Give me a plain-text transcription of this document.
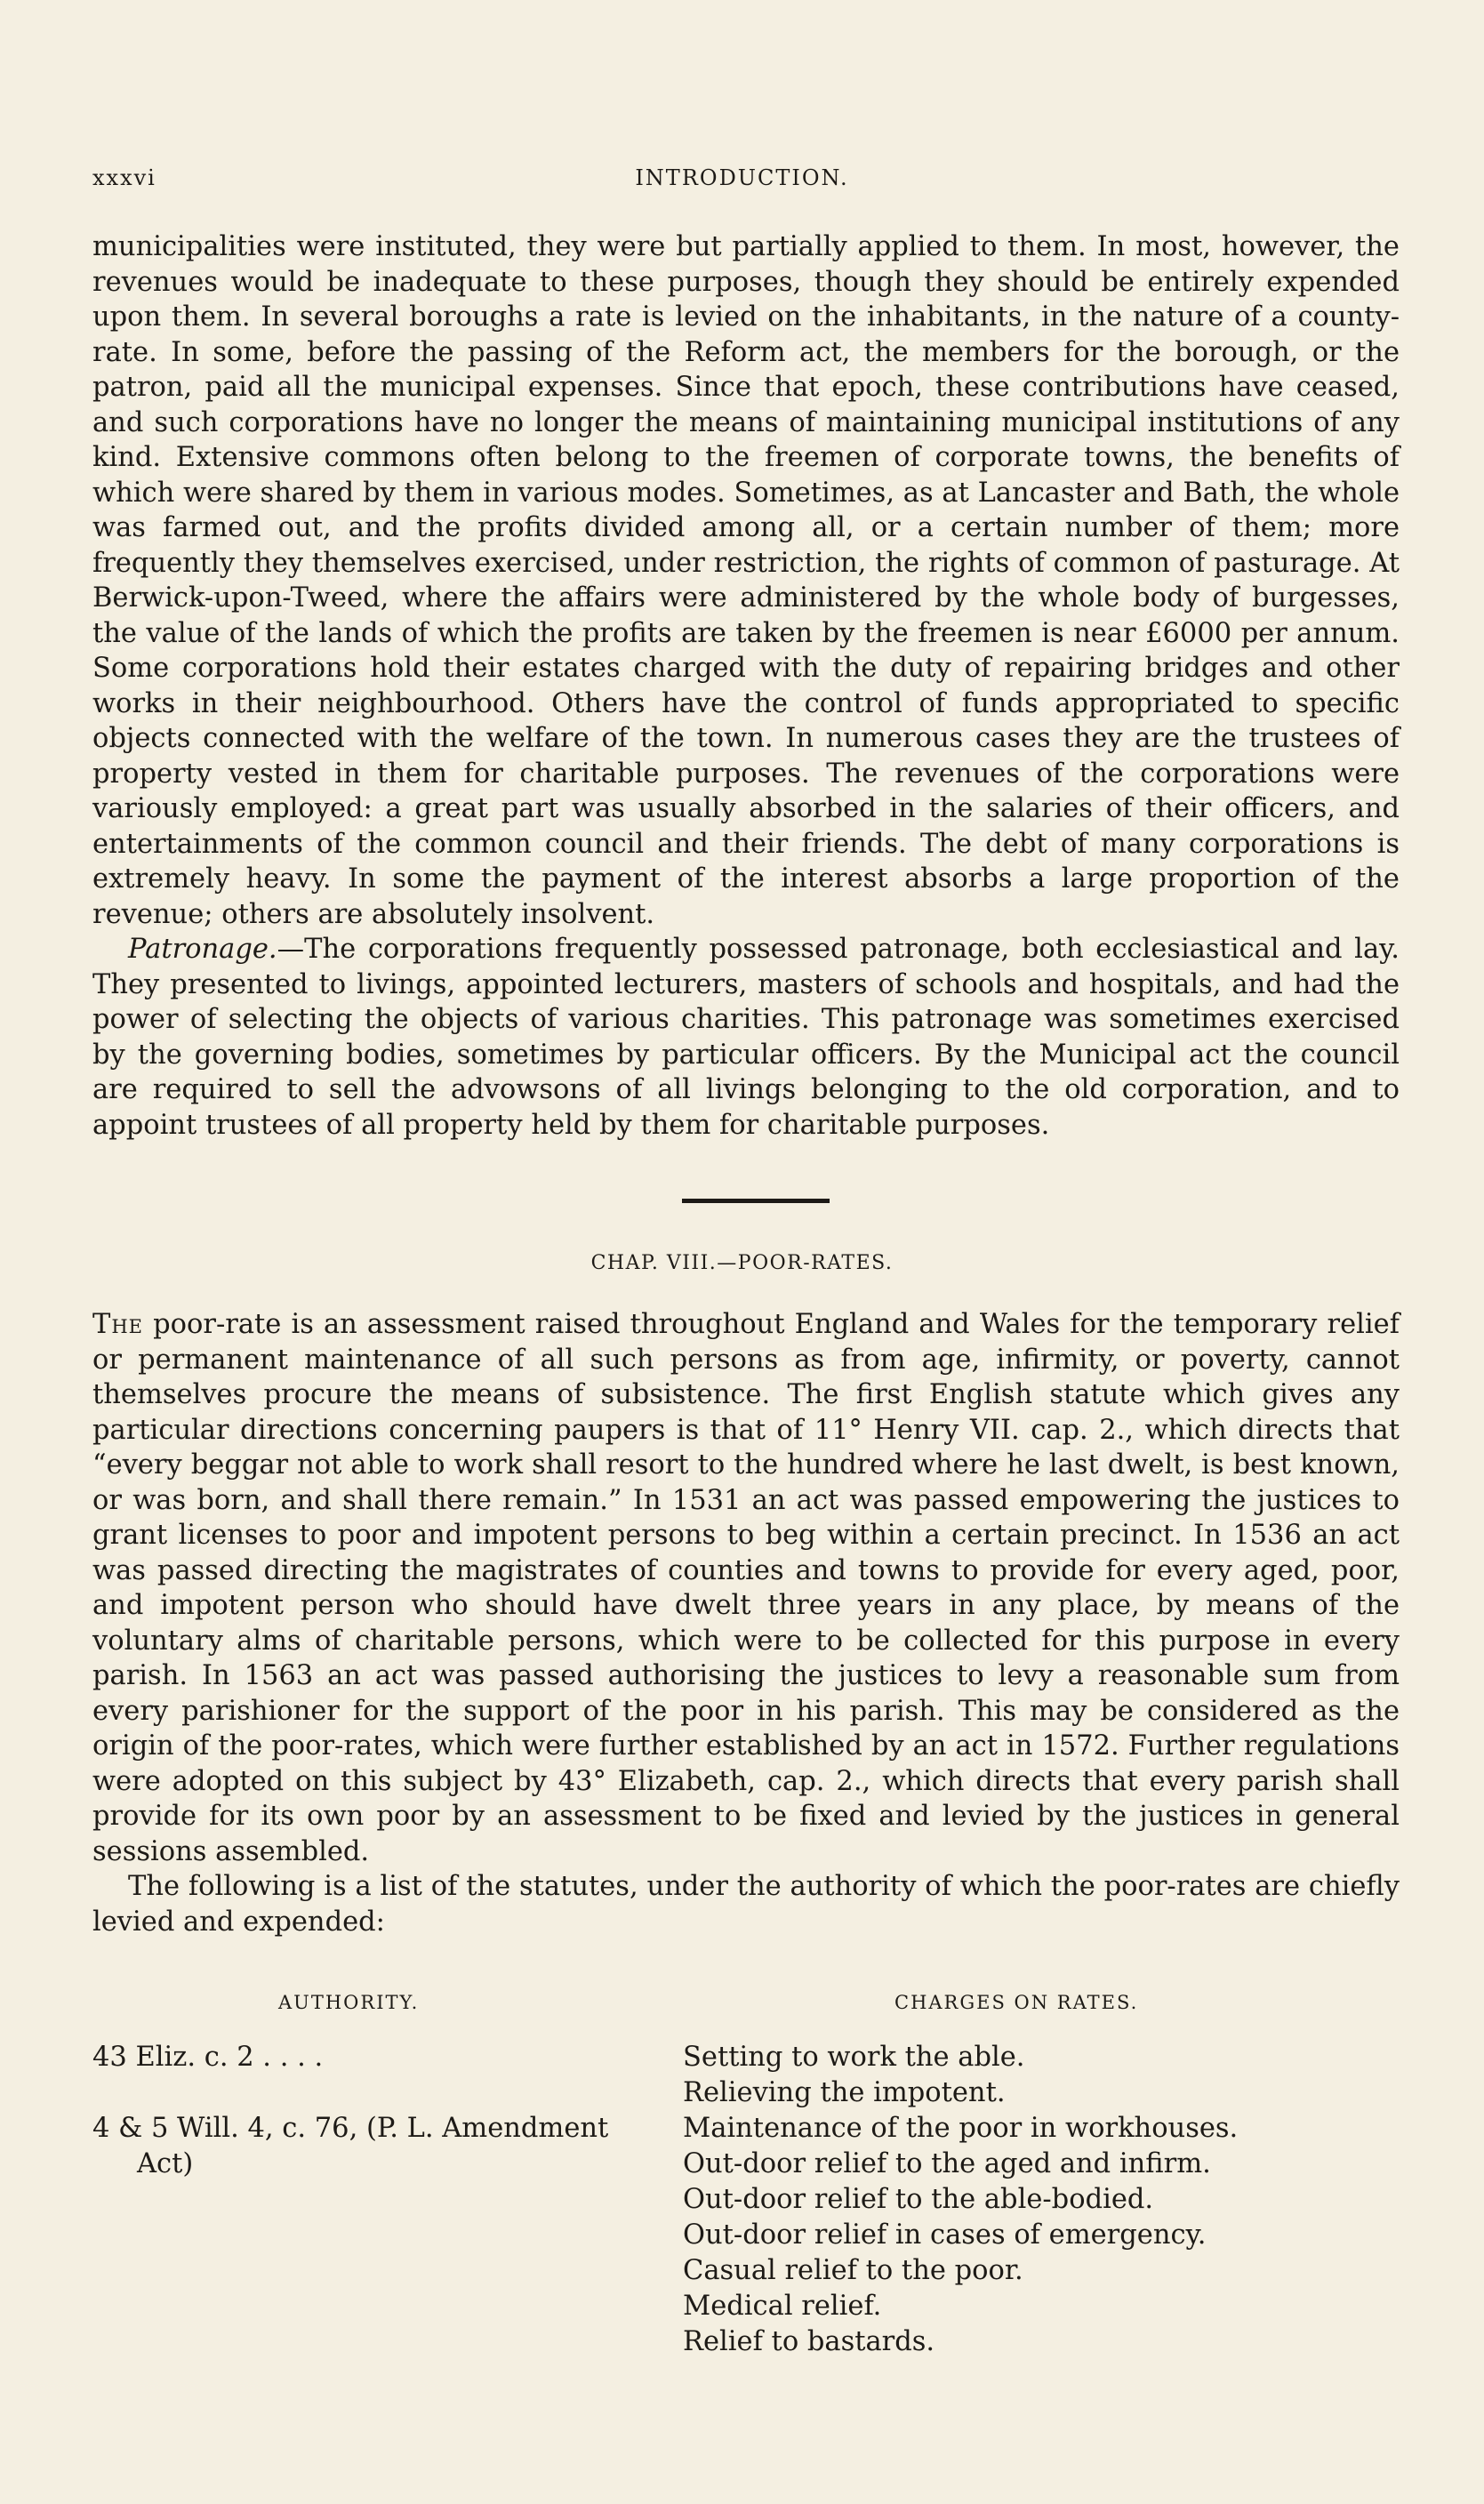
xxxvi	INTRODUCTION.

municipalities were instituted, they were but partially applied to them. In most, however, the revenues would be inadequate to these purposes, though they should be entirely expended upon them. In several boroughs a rate is levied on the inhabitants, in the nature of a county-rate. In some, before the passing of the Reform act, the members for the borough, or the patron, paid all the municipal expenses. Since that epoch, these contributions have ceased, and such corporations have no longer the means of maintaining municipal institutions of any kind. Extensive commons often belong to the freemen of corporate towns, the benefits of which were shared by them in various modes. Sometimes, as at Lancaster and Bath, the whole was farmed out, and the profits divided among all, or a certain number of them; more frequently they themselves exercised, under restriction, the rights of common of pasturage. At Berwick-upon-Tweed, where the affairs were administered by the whole body of burgesses, the value of the lands of which the profits are taken by the freemen is near £6000 per annum. Some corporations hold their estates charged with the duty of repairing bridges and other works in their neighbourhood. Others have the control of funds appropriated to specific objects connected with the welfare of the town. In numerous cases they are the trustees of property vested in them for charitable purposes. The revenues of the corporations were variously employed: a great part was usually absorbed in the salaries of their officers, and entertainments of the common council and their friends. The debt of many corporations is extremely heavy. In some the payment of the interest absorbs a large proportion of the revenue; others are absolutely insolvent.

Patronage.—The corporations frequently possessed patronage, both ecclesiastical and lay. They presented to livings, appointed lecturers, masters of schools and hospitals, and had the power of selecting the objects of various charities. This patronage was sometimes exercised by the governing bodies, sometimes by particular officers. By the Municipal act the council are required to sell the advowsons of all livings belonging to the old corporation, and to appoint trustees of all property held by them for charitable purposes.

CHAP. VIII.—POOR-RATES.

The poor-rate is an assessment raised throughout England and Wales for the temporary relief or permanent maintenance of all such persons as from age, infirmity, or poverty, cannot themselves procure the means of subsistence. The first English statute which gives any particular directions concerning paupers is that of 11° Henry VII. cap. 2., which directs that “every beggar not able to work shall resort to the hundred where he last dwelt, is best known, or was born, and shall there remain.” In 1531 an act was passed empowering the justices to grant licenses to poor and impotent persons to beg within a certain precinct. In 1536 an act was passed directing the magistrates of counties and towns to provide for every aged, poor, and impotent person who should have dwelt three years in any place, by means of the voluntary alms of charitable persons, which were to be collected for this purpose in every parish. In 1563 an act was passed authorising the justices to levy a reasonable sum from every parishioner for the support of the poor in his parish. This may be considered as the origin of the poor-rates, which were further established by an act in 1572. Further regulations were adopted on this subject by 43° Elizabeth, cap. 2., which directs that every parish shall provide for its own poor by an assessment to be fixed and levied by the justices in general sessions assembled.

The following is a list of the statutes, under the authority of which the poor-rates are chiefly levied and expended:

AUTHORITY.	CHARGES ON RATES.
43 Eliz. c. 2 . . . .
4 & 5 Will. 4, c. 76, (P. L. Amendment Act)
Setting to work the able.
Relieving the impotent.
Maintenance of the poor in workhouses.
Out-door relief to the aged and infirm.
Out-door relief to the able-bodied.
Out-door relief in cases of emergency.
Casual relief to the poor.
Medical relief.
Relief to bastards.
